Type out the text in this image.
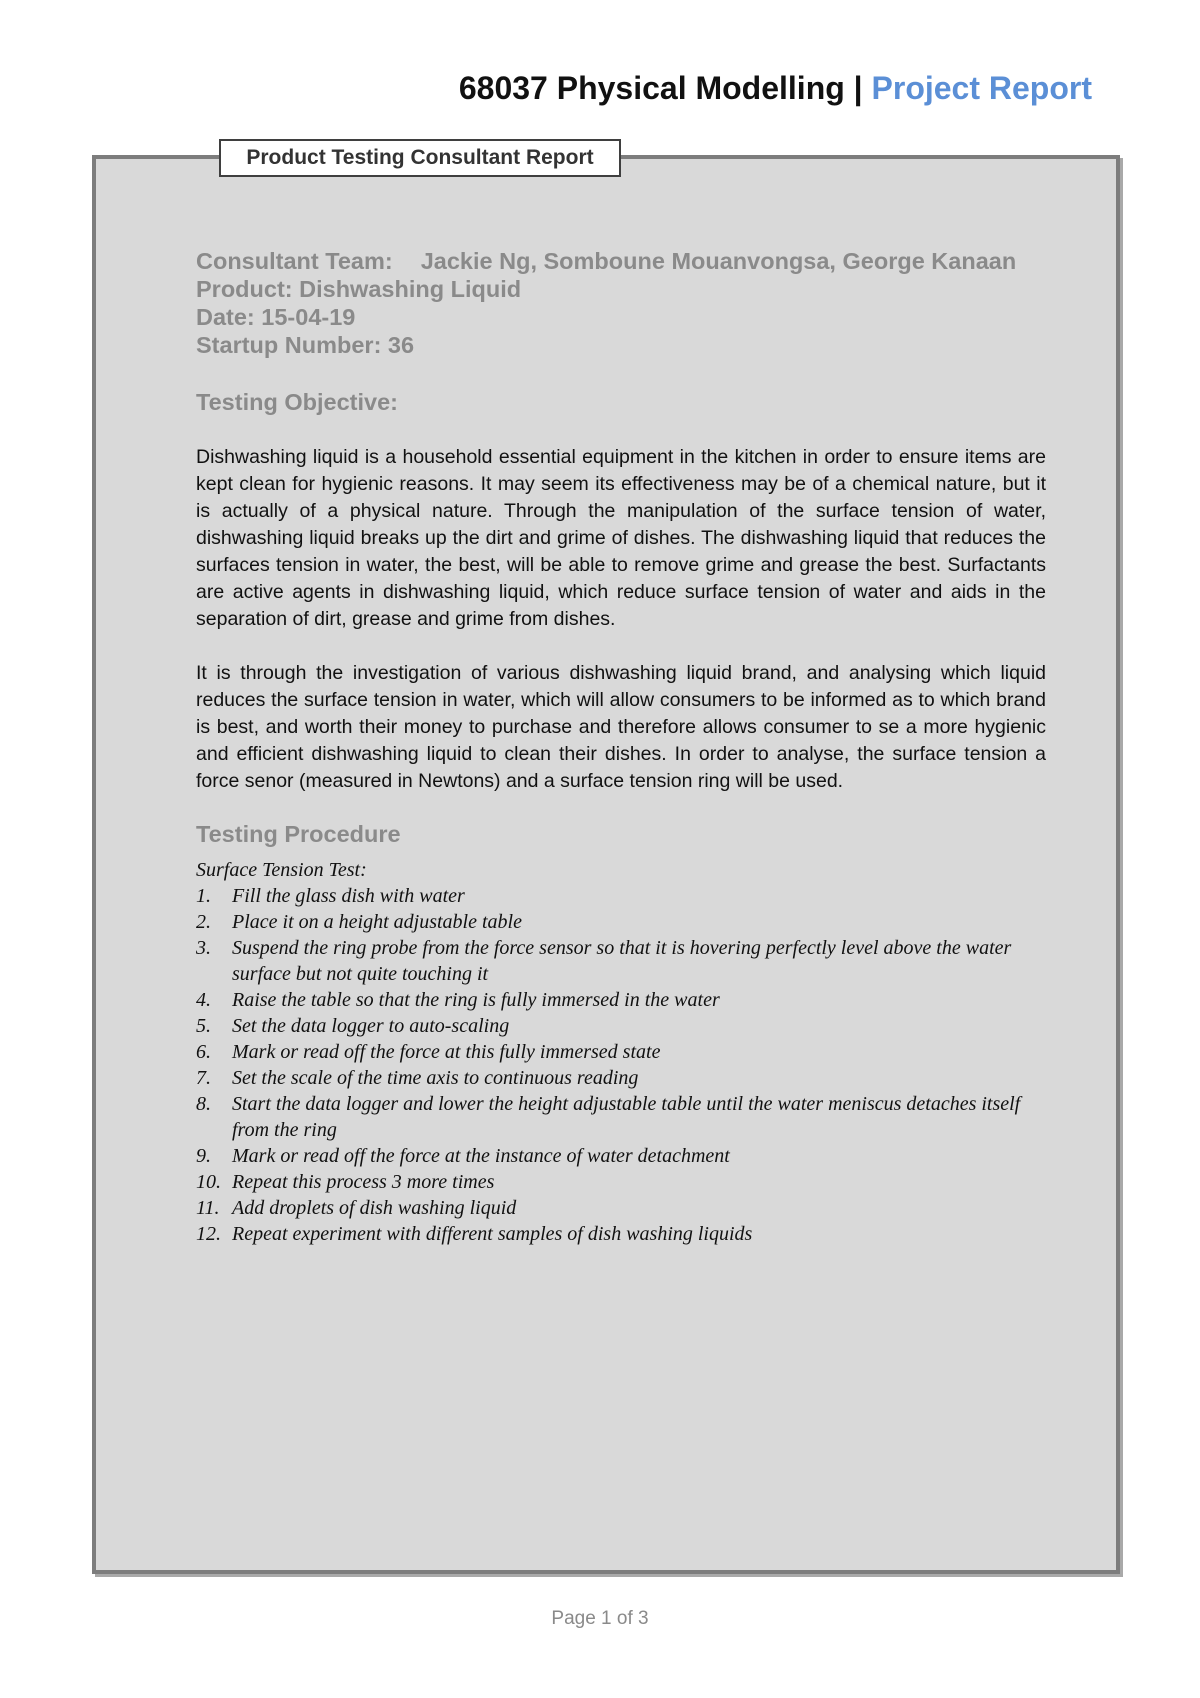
68037 Physical Modelling | Project Report
Product Testing Consultant Report
Consultant Team: Jackie Ng, Somboune Mouanvongsa, George Kanaan
Product: Dishwashing Liquid
Date: 15-04-19
Startup Number: 36
Testing Objective:

Dishwashing liquid is a household essential equipment in the kitchen in order to ensure items are kept clean for hygienic reasons. It may seem its effectiveness may be of a chemical nature, but it is actually of a physical nature. Through the manipulation of the surface tension of water, dishwashing liquid breaks up the dirt and grime of dishes. The dishwashing liquid that reduces the surfaces tension in water, the best, will be able to remove grime and grease the best. Surfactants are active agents in dishwashing liquid, which reduce surface tension of water and aids in the separation of dirt, grease and grime from dishes.

It is through the investigation of various dishwashing liquid brand, and analysing which liquid reduces the surface tension in water, which will allow consumers to be informed as to which brand is best, and worth their money to purchase and therefore allows consumer to se a more hygienic and efficient dishwashing liquid to clean their dishes. In order to analyse, the surface tension a force senor (measured in Newtons) and a surface tension ring will be used.

Testing Procedure
Surface Tension Test:
1.	Fill the glass dish with water
2.	Place it on a height adjustable table
3.	Suspend the ring probe from the force sensor so that it is hovering perfectly level above the water surface but not quite touching it
4.	Raise the table so that the ring is fully immersed in the water
5.	Set the data logger to auto-scaling
6.	Mark or read off the force at this fully immersed state
7.	Set the scale of the time axis to continuous reading
8.	Start the data logger and lower the height adjustable table until the water meniscus detaches itself from the ring
9.	Mark or read off the force at the instance of water detachment
10. Repeat this process 3 more times
11. Add droplets of dish washing liquid
12. Repeat experiment with different samples of dish washing liquids
Page 1 of 3
